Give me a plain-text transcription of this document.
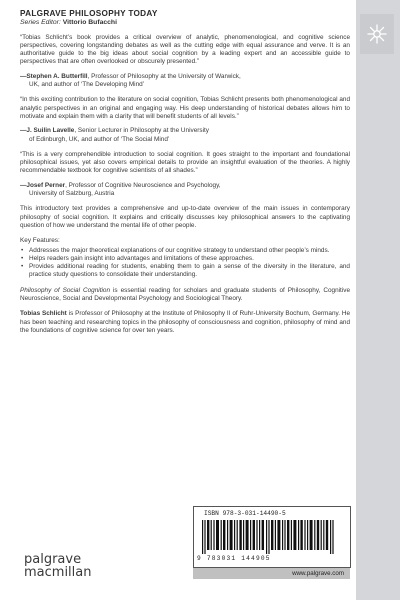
PALGRAVE PHILOSOPHY TODAY
Series Editor: Vittorio Bufacchi
“Tobias Schlicht’s book provides a critical overview of analytic, phenomenological, and cognitive science perspectives, covering longstanding debates as well as the cutting edge with equal assurance and verve. It is an authoritative guide to the big ideas about social cognition by a leading expert and an accessible guide to perspectives that are often overlooked or obscurely presented.”
—Stephen A. Butterfill, Professor of Philosophy at the University of Warwick,
UK, and author of ‘The Developing Mind’
“In this exciting contribution to the literature on social cognition, Tobias Schlicht presents both phenomenological and analytic perspectives in an original and engaging way. His deep understanding of historical debates allows him to motivate and explain them with a clarity that will benefit students of all levels.”
—J. Suilin Lavelle, Senior Lecturer in Philosophy at the University
of Edinburgh, UK, and author of ‘The Social Mind’
“This is a very comprehendible introduction to social cognition. It goes straight to the important and foundational philosophical issues, yet also covers empirical details to provide an insightful evaluation of the theories. A highly recommendable textbook for cognitive scientists of all shades.”
—Josef Perner, Professor of Cognitive Neuroscience and Psychology,
University of Salzburg, Austria
This introductory text provides a comprehensive and up-to-date overview of the main issues in contemporary philosophy of social cognition. It explains and critically discusses key philosophical answers to the captivating question of how we understand the mental life of other people.
Key Features:
• Addresses the major theoretical explanations of our cognitive strategy to understand other people’s minds.
• Helps readers gain insight into advantages and limitations of these approaches.
• Provides additional reading for students, enabling them to gain a sense of the diversity in the literature, and practice study questions to consolidate their understanding.
Philosophy of Social Cognition is essential reading for scholars and graduate students of Philosophy, Cognitive Neuroscience, Social and Developmental Psychology and Sociological Theory.
Tobias Schlicht is Professor of Philosophy at the Institute of Philosophy II of Ruhr-University Bochum, Germany. He has been teaching and researching topics in the philosophy of consciousness and cognition, philosophy of mind and the foundations of cognitive science for over ten years.
palgrave
macmillan
ISBN 978-3-031-14490-5
9 783031 144905
www.palgrave.com
